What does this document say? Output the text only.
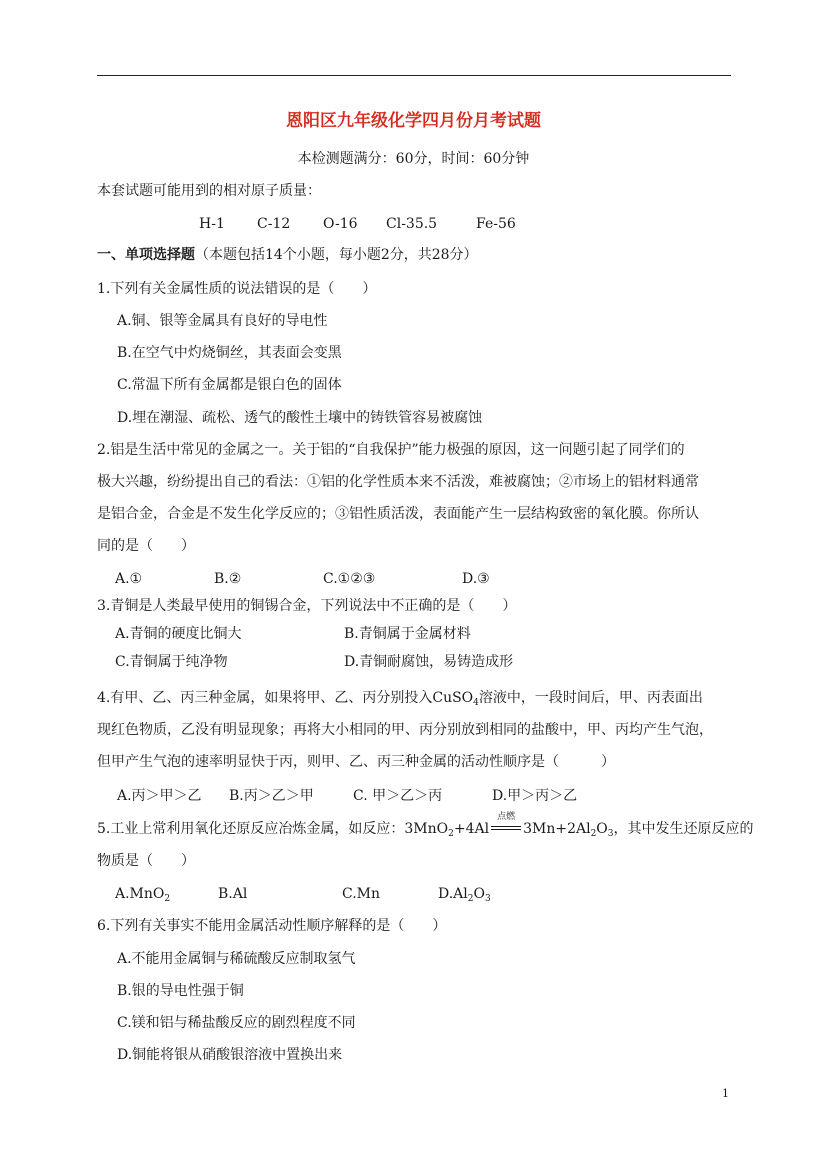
恩阳区九年级化学四月份月考试题
本检测题满分：60分，时间：60分钟
本套试题可能用到的相对原子质量：
H-1 C-12 O-16 Cl-35.5	Fe-56
一、单项选择题（本题包括14个小题，每小题2分，共28分）
1.下列有关金属性质的说法错误的是（　　）
A.铜、银等金属具有良好的导电性
B.在空气中灼烧铜丝，其表面会变黑
C.常温下所有金属都是银白色的固体
D.埋在潮湿、疏松、透气的酸性土壤中的铸铁管容易被腐蚀
2.铝是生活中常见的金属之一。关于铝的“自我保护”能力极强的原因，这一问题引起了同学们的
极大兴趣，纷纷提出自己的看法：①铝的化学性质本来不活泼，难被腐蚀；②市场上的铝材料通常
是铝合金，合金是不发生化学反应的；③铝性质活泼，表面能产生一层结构致密的氧化膜。你所认
同的是（　　）
A.①	B.②	C.①②③	D.③
3.青铜是人类最早使用的铜锡合金，下列说法中不正确的是（　　）
A.青铜的硬度比铜大	B.青铜属于金属材料
C.青铜属于纯净物	D.青铜耐腐蚀，易铸造成形
4.有甲、乙、丙三种金属，如果将甲、乙、丙分别投入CuSO$_4$溶液中，一段时间后，甲、丙表面出
现红色物质，乙没有明显现象；再将大小相同的甲、丙分别放到相同的盐酸中，甲、丙均产生气泡，
但甲产生气泡的速率明显快于丙，则甲、乙、丙三种金属的活动性顺序是（　　　）
A.丙＞甲＞乙 B.丙＞乙＞甲	C. 甲＞乙＞丙	D.甲＞丙＞乙
5.工业上常利用氧化还原反应冶炼金属，如反应：3MnO$_2$+4Al
点燃
$3Mn+2Al_2O_3$，其中发生还原反应的
物质是（　　）
A.MnO$_2$	B.Al	C.Mn	$D.Al_2O_3$
6.下列有关事实不能用金属活动性顺序解释的是（　　）
A.不能用金属铜与稀硫酸反应制取氢气
B.银的导电性强于铜
C.镁和铝与稀盐酸反应的剧烈程度不同
D.铜能将银从硝酸银溶液中置换出来
1
